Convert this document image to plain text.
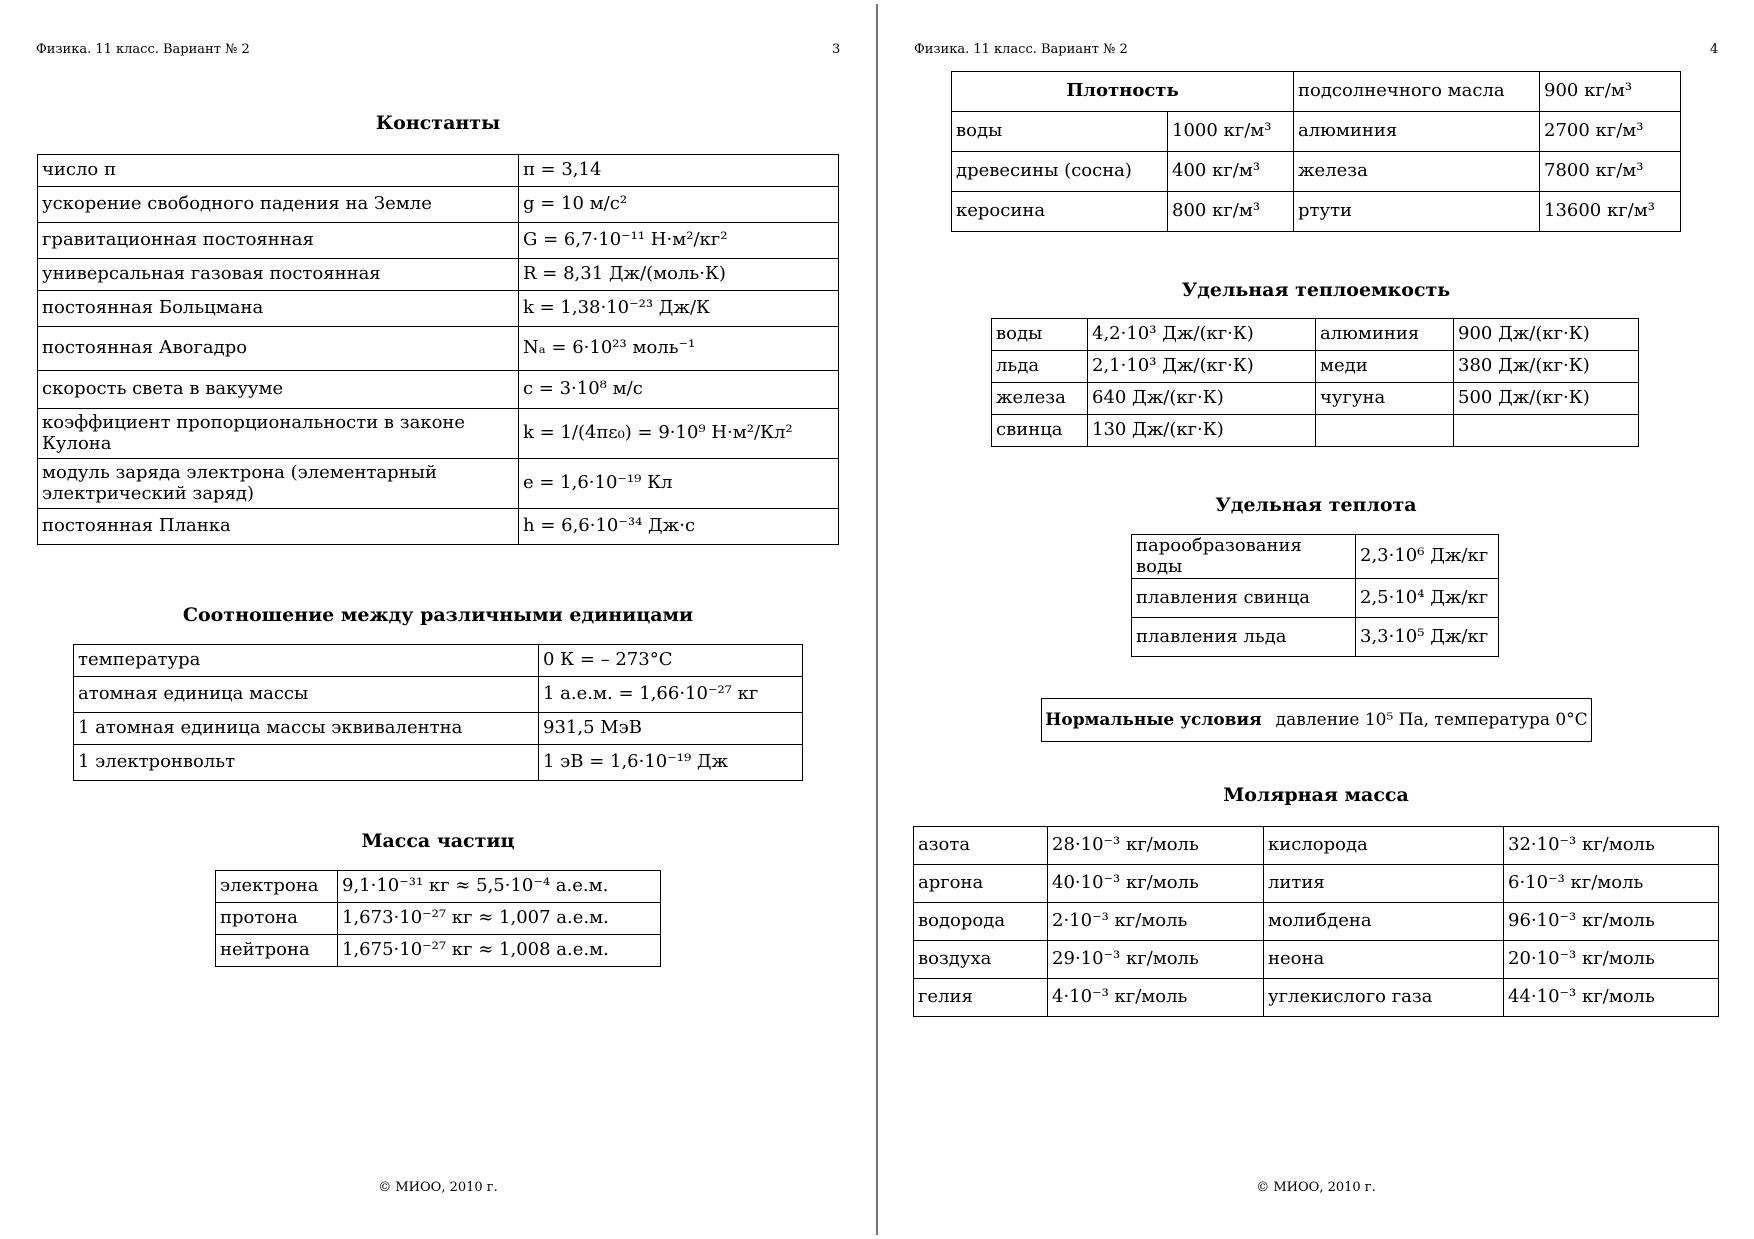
Физика. 11 класс. Вариант № 2	3
Константы
число π	π = 3,14
ускорение свободного падения на Земле	g = 10 м/с²
гравитационная постоянная	G = 6,7·10⁻¹¹ Н·м²/кг²
универсальная газовая постоянная	R = 8,31 Дж/(моль·К)
постоянная Больцмана	k = 1,38·10⁻²³ Дж/К
постоянная Авогадро	Nₐ = 6·10²³ моль⁻¹
скорость света в вакууме	c = 3·10⁸ м/с
коэффициент пропорциональности в законе Кулона	k = 1/(4πε₀) = 9·10⁹ Н·м²/Кл²
модуль заряда электрона (элементарный электрический заряд)	e = 1,6·10⁻¹⁹ Кл
постоянная Планка	h = 6,6·10⁻³⁴ Дж·с
Соотношение между различными единицами
температура	0 К = – 273°С
атомная единица массы	1 а.е.м. = 1,66·10⁻²⁷ кг
1 атомная единица массы эквивалентна	931,5 МэВ
1 электронвольт	1 эВ = 1,6·10⁻¹⁹ Дж
Масса частиц
электрона	9,1·10⁻³¹ кг ≈ 5,5·10⁻⁴ а.е.м.
протона	1,673·10⁻²⁷ кг ≈ 1,007 а.е.м.
нейтрона	1,675·10⁻²⁷ кг ≈ 1,008 а.е.м.
© МИОО, 2010 г.
Физика. 11 класс. Вариант № 2	4
Плотность		подсолнечного масла	900 кг/м³
воды	1000 кг/м³	алюминия	2700 кг/м³
древесины (сосна)	400 кг/м³	железа	7800 кг/м³
керосина	800 кг/м³	ртути	13600 кг/м³
Удельная теплоемкость
воды	4,2·10³ Дж/(кг·К)	алюминия	900 Дж/(кг·К)
льда	2,1·10³ Дж/(кг·К)	меди	380 Дж/(кг·К)
железа	640 Дж/(кг·К)	чугуна	500 Дж/(кг·К)
свинца	130 Дж/(кг·К)		
Удельная теплота
парообразования воды	2,3·10⁶ Дж/кг
плавления свинца	2,5·10⁴ Дж/кг
плавления льда	3,3·10⁵ Дж/кг
Нормальные условия давление 10⁵ Па, температура 0°С
Молярная масса
азота	28·10⁻³ кг/моль	кислорода	32·10⁻³ кг/моль
аргона	40·10⁻³ кг/моль	лития	6·10⁻³ кг/моль
водорода	2·10⁻³ кг/моль	молибдена	96·10⁻³ кг/моль
воздуха	29·10⁻³ кг/моль	неона	20·10⁻³ кг/моль
гелия	4·10⁻³ кг/моль	углекислого газа	44·10⁻³ кг/моль
© МИОО, 2010 г.
